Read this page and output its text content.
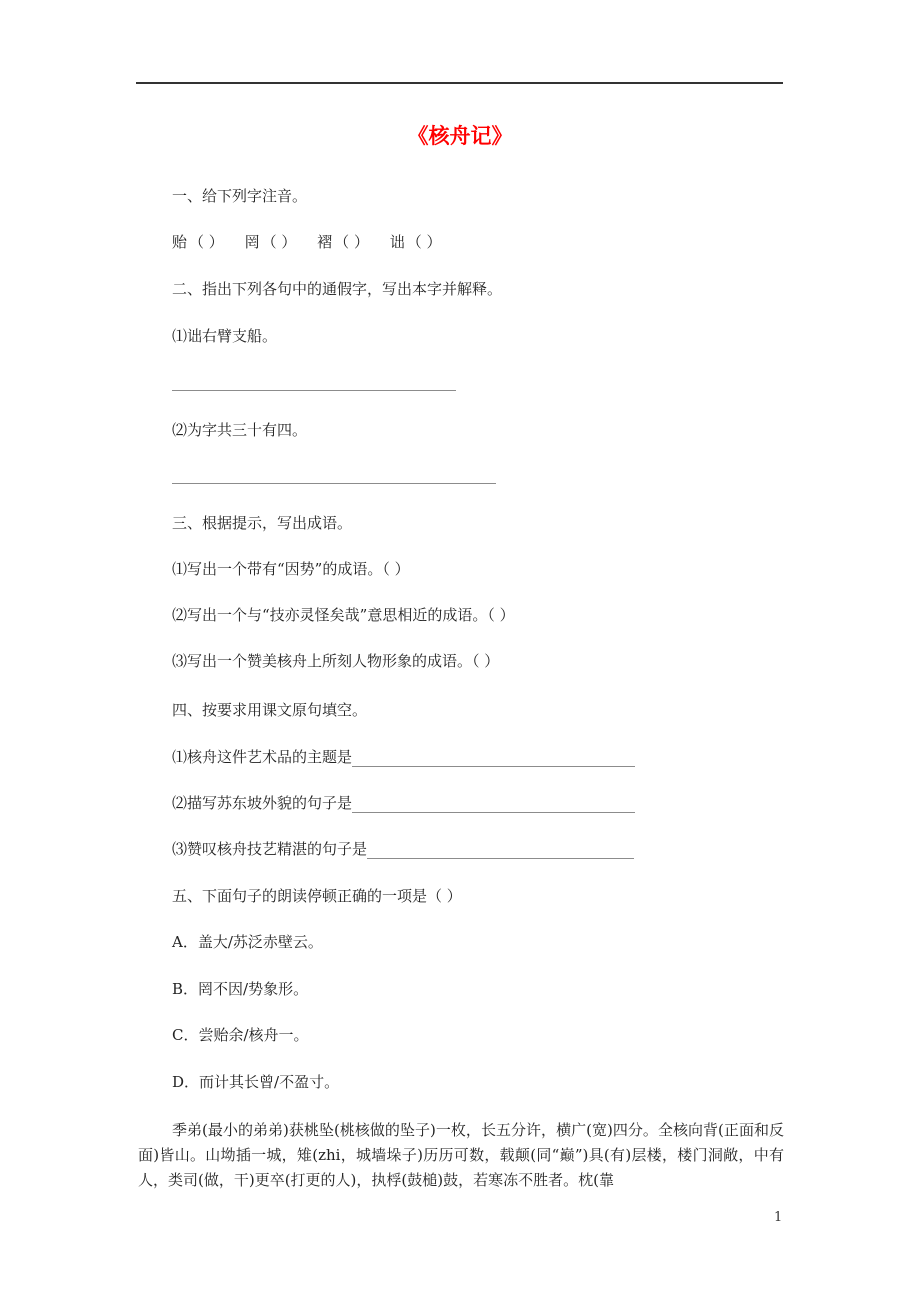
《核舟记》
一、给下列字注音。
贻 （ ） 罔 （ ） 褶 （ ） 诎 （ ）
二、指出下列各句中的通假字，写出本字并解释。
⑴诎右臂支船。
⑵为字共三十有四。
三、根据提示，写出成语。
⑴写出一个带有“因势”的成语。（ ）
⑵写出一个与“技亦灵怪矣哉”意思相近的成语。（ ）
⑶写出一个赞美核舟上所刻人物形象的成语。（ ）
四、按要求用课文原句填空。
⑴核舟这件艺术品的主题是
⑵描写苏东坡外貌的句子是
⑶赞叹核舟技艺精湛的句子是
五、下面句子的朗读停顿正确的一项是（ ）
A．盖大/苏泛赤壁云。
B．罔不因/势象形。
C．尝贻余/核舟一。
D．而计其长曾/不盈寸。
季弟(最小的弟弟)获桃坠(桃核做的坠子)一枚，长五分许，横广(宽)四分。全核向背(正面和反面)皆山。山坳插一城，雉(zhi，城墙垛子)历历可数，载颠(同“巅”)具(有)层楼，楼门洞敞，中有人，类司(做，干)更卒(打更的人)，执桴(鼓槌)鼓，若寒冻不胜者。枕(靠
1
